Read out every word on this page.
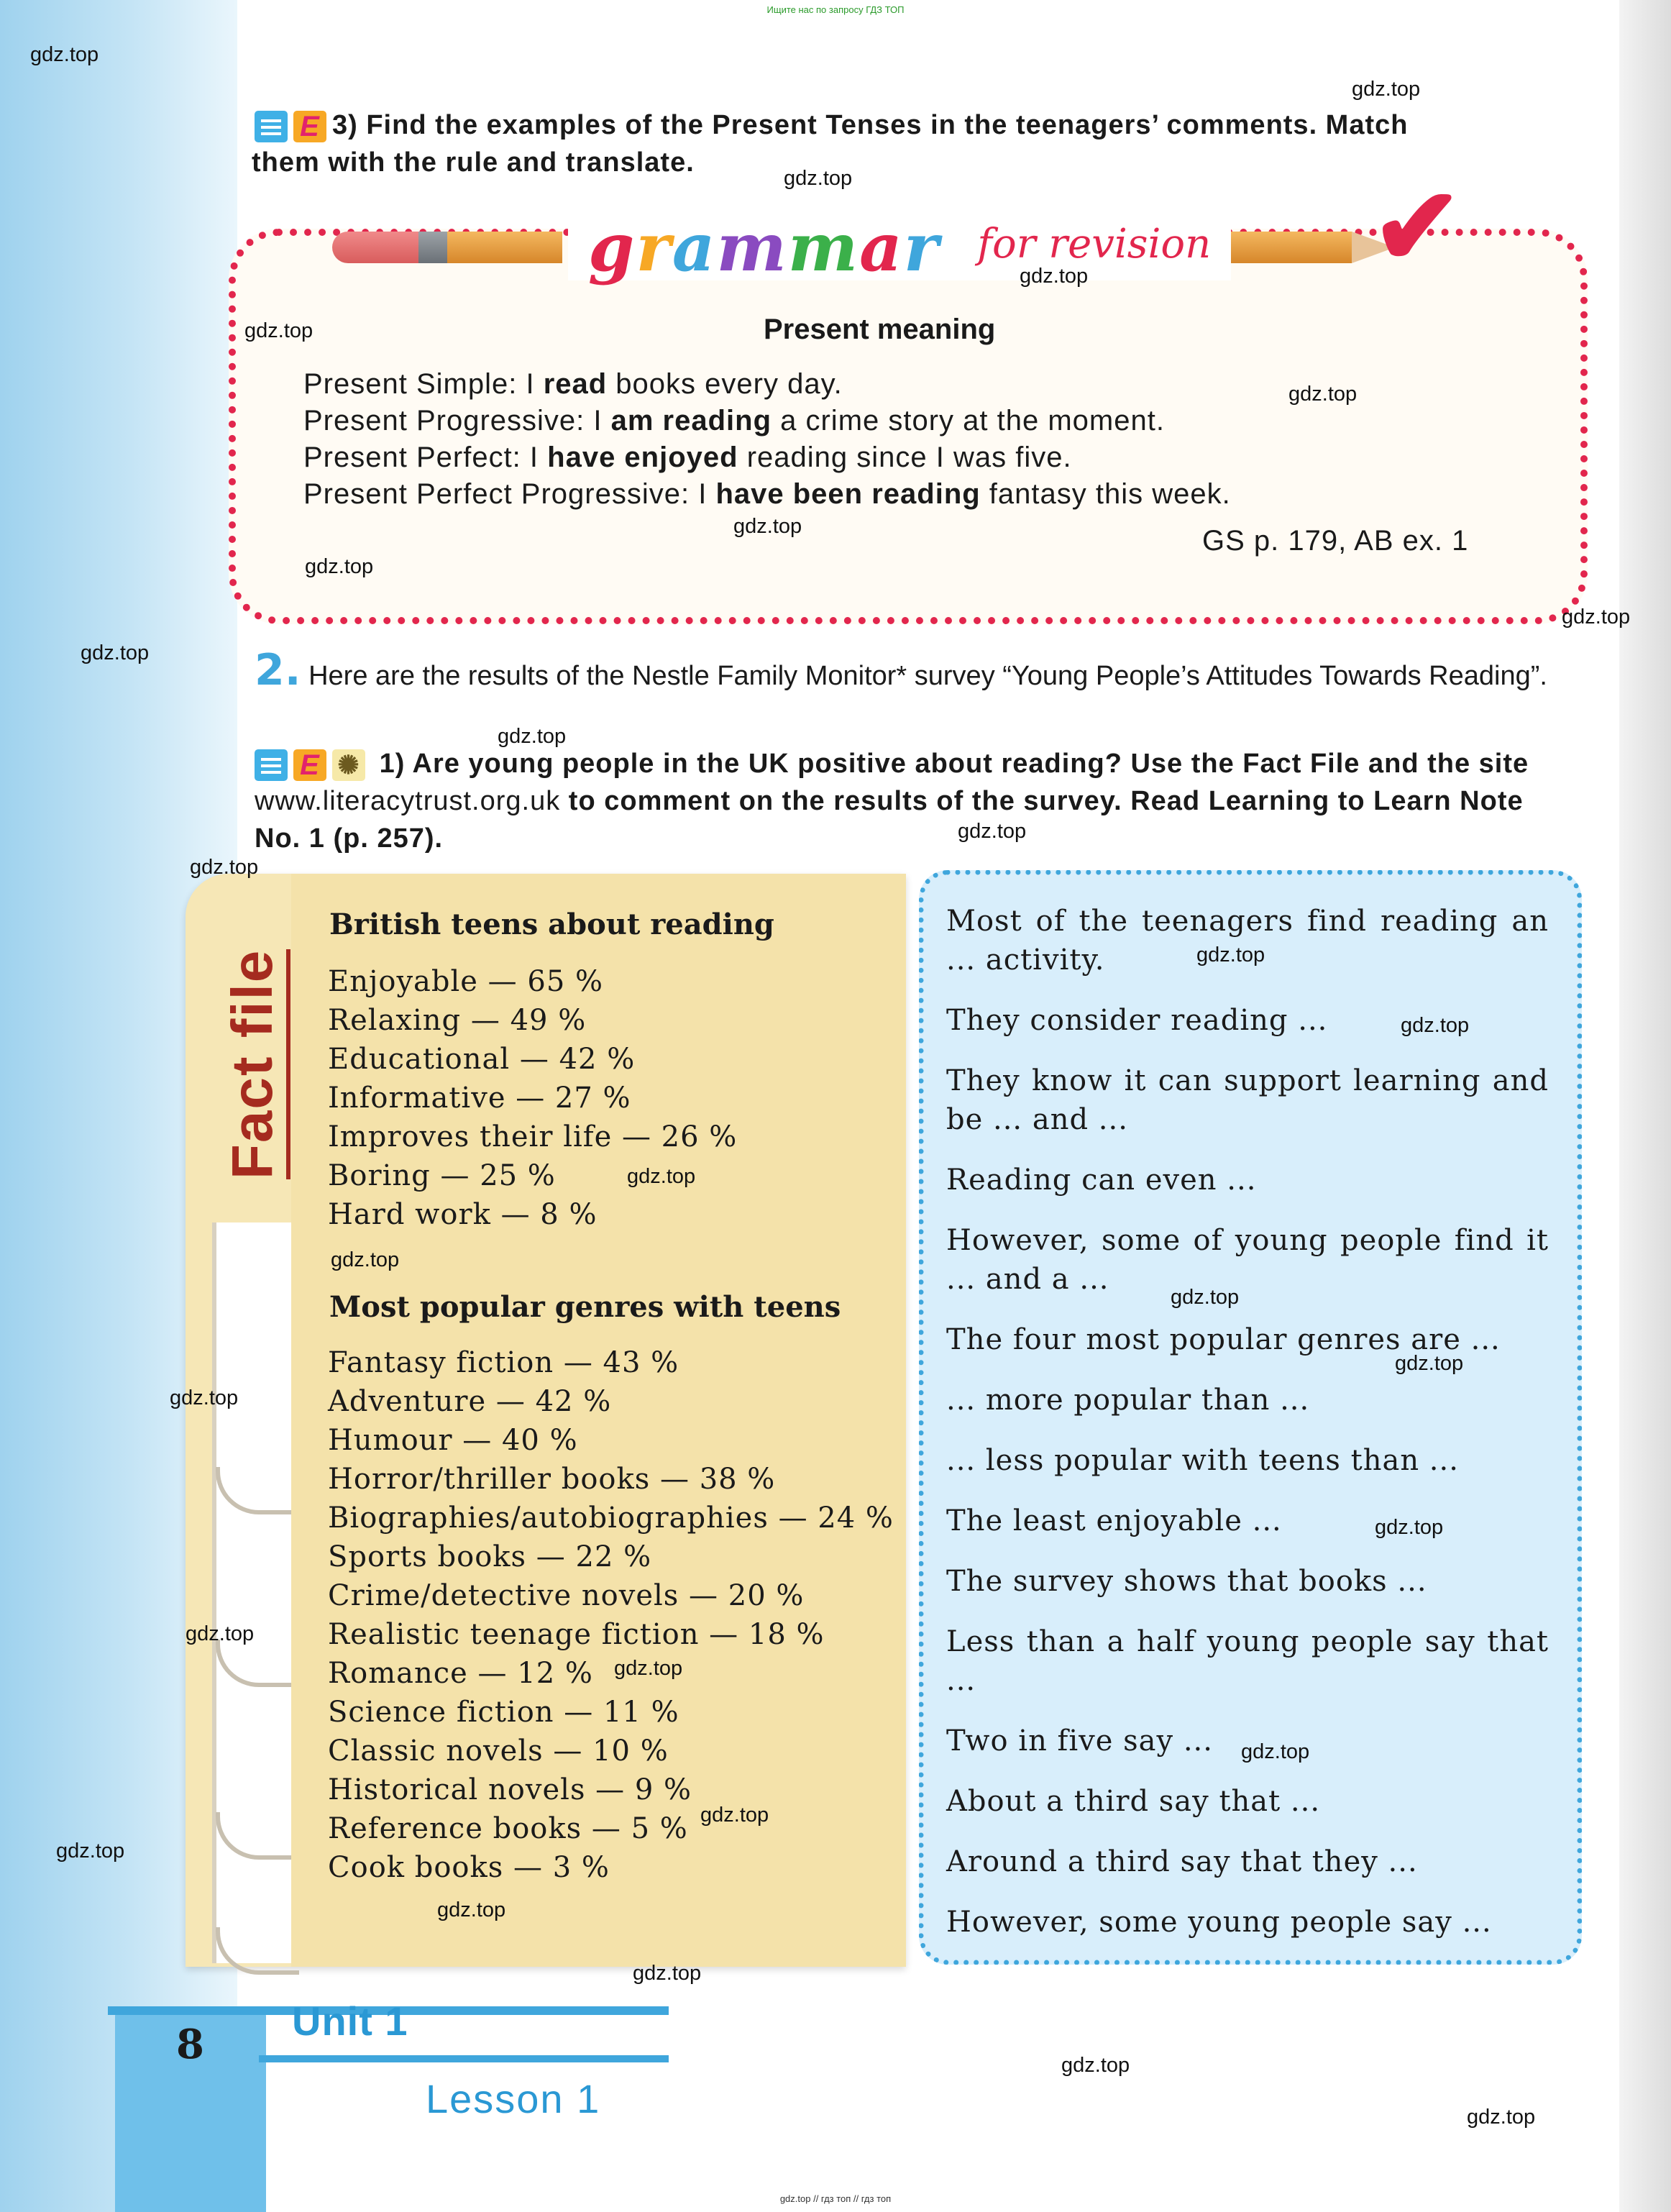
Ищите нас по запросу ГДЗ ТОП
E 3) Find the examples of the Present Tenses in the teenagers’ comments. Match
them with the rule and translate.
✔
grammar for revision
Present meaning
Present Simple: I read books every day.
Present Progressive: I am reading a crime story at the moment.
Present Perfect: I have enjoyed reading since I was five.
Present Perfect Progressive: I have been reading fantasy this week.
GS p. 179, AB ex. 1
2. Here are the results of the Nestle Family Monitor* survey “Young People’s Attitudes Towards Reading”.
E ✺ 1) Are young people in the UK positive about reading? Use the Fact File and the site www.literacytrust.org.uk to comment on the results of the survey. Read Learning to Learn Note No. 1 (p. 257).
Fact file
British teens about reading
Enjoyable — 65 %
Relaxing — 49 %
Educational — 42 %
Informative — 27 %
Improves their life — 26 %
Boring — 25 %
Hard work — 8 %
Most popular genres with teens
Fantasy fiction — 43 %
Adventure — 42 %
Humour — 40 %
Horror/thriller books — 38 %
Biographies/autobiographies — 24 %
Sports books — 22 %
Crime/detective novels — 20 %
Realistic teenage fiction — 18 %
Romance — 12 %
Science fiction — 11 %
Classic novels — 10 %
Historical novels — 9 %
Reference books — 5 %
Cook books — 3 %
Most of the teenagers find reading an ... activity.
They consider reading ...
They know it can support learning and be ... and ...
Reading can even ...
However, some of young people find it ... and a ...
The four most popular genres are ...
... more popular than ...
... less popular with teens than ...
The least enjoyable ...
The survey shows that books ...
Less than a half young people say that ...
Two in five say ...
About a third say that ...
Around a third say that they ...
However, some young people say ...
8 Unit 1
Lesson 1
gdz.top
gdz.top
gdz.top
gdz.top
gdz.top
gdz.top
gdz.top
gdz.top
gdz.top
gdz.top
gdz.top
gdz.top
gdz.top
gdz.top
gdz.top
gdz.top
gdz.top
gdz.top
gdz.top
gdz.top
gdz.top
gdz.top
gdz.top
gdz.top
gdz.top
gdz.top
gdz.top
gdz.top
gdz.top
gdz.top
gdz.top // гдз топ // гдз топ
